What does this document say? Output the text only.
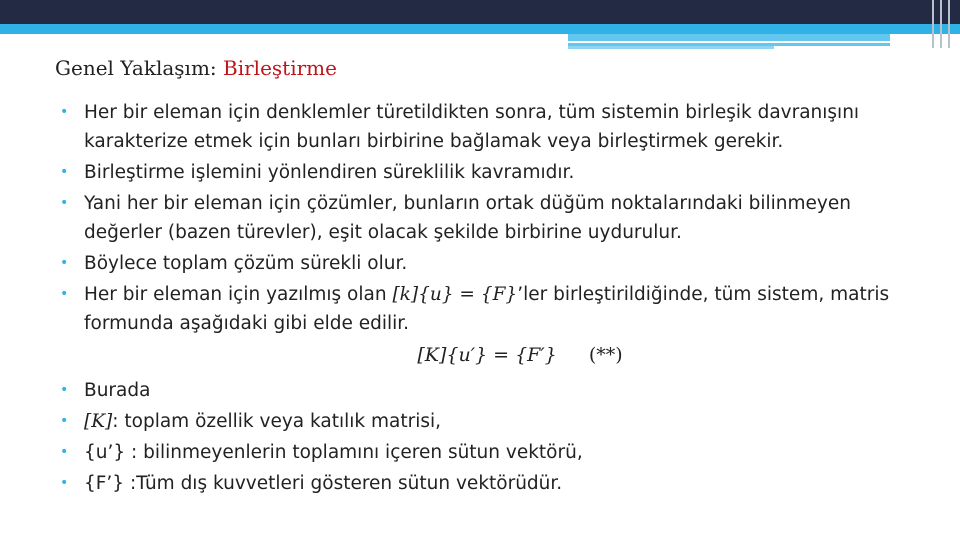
Genel Yaklaşım: Birleştirme
• Her bir eleman için denklemler türetildikten sonra, tüm sistemin birleşik davranışını karakterize etmek için bunları birbirine bağlamak veya birleştirmek gerekir.
• Birleştirme işlemini yönlendiren süreklilik kavramıdır.
• Yani her bir eleman için çözümler, bunların ortak düğüm noktalarındaki bilinmeyen değerler (bazen türevler), eşit olacak şekilde birbirine uydurulur.
• Böylece toplam çözüm sürekli olur.
• Her bir eleman için yazılmış olan [k]{u} = {F}’ler birleştirildiğinde, tüm sistem, matris formunda aşağıdaki gibi elde edilir.
[K]{u′} = {F′} (**)
• Burada
• [K]: toplam özellik veya katılık matrisi,
• {u’} : bilinmeyenlerin toplamını içeren sütun vektörü,
• {F’} :Tüm dış kuvvetleri gösteren sütun vektörüdür.
